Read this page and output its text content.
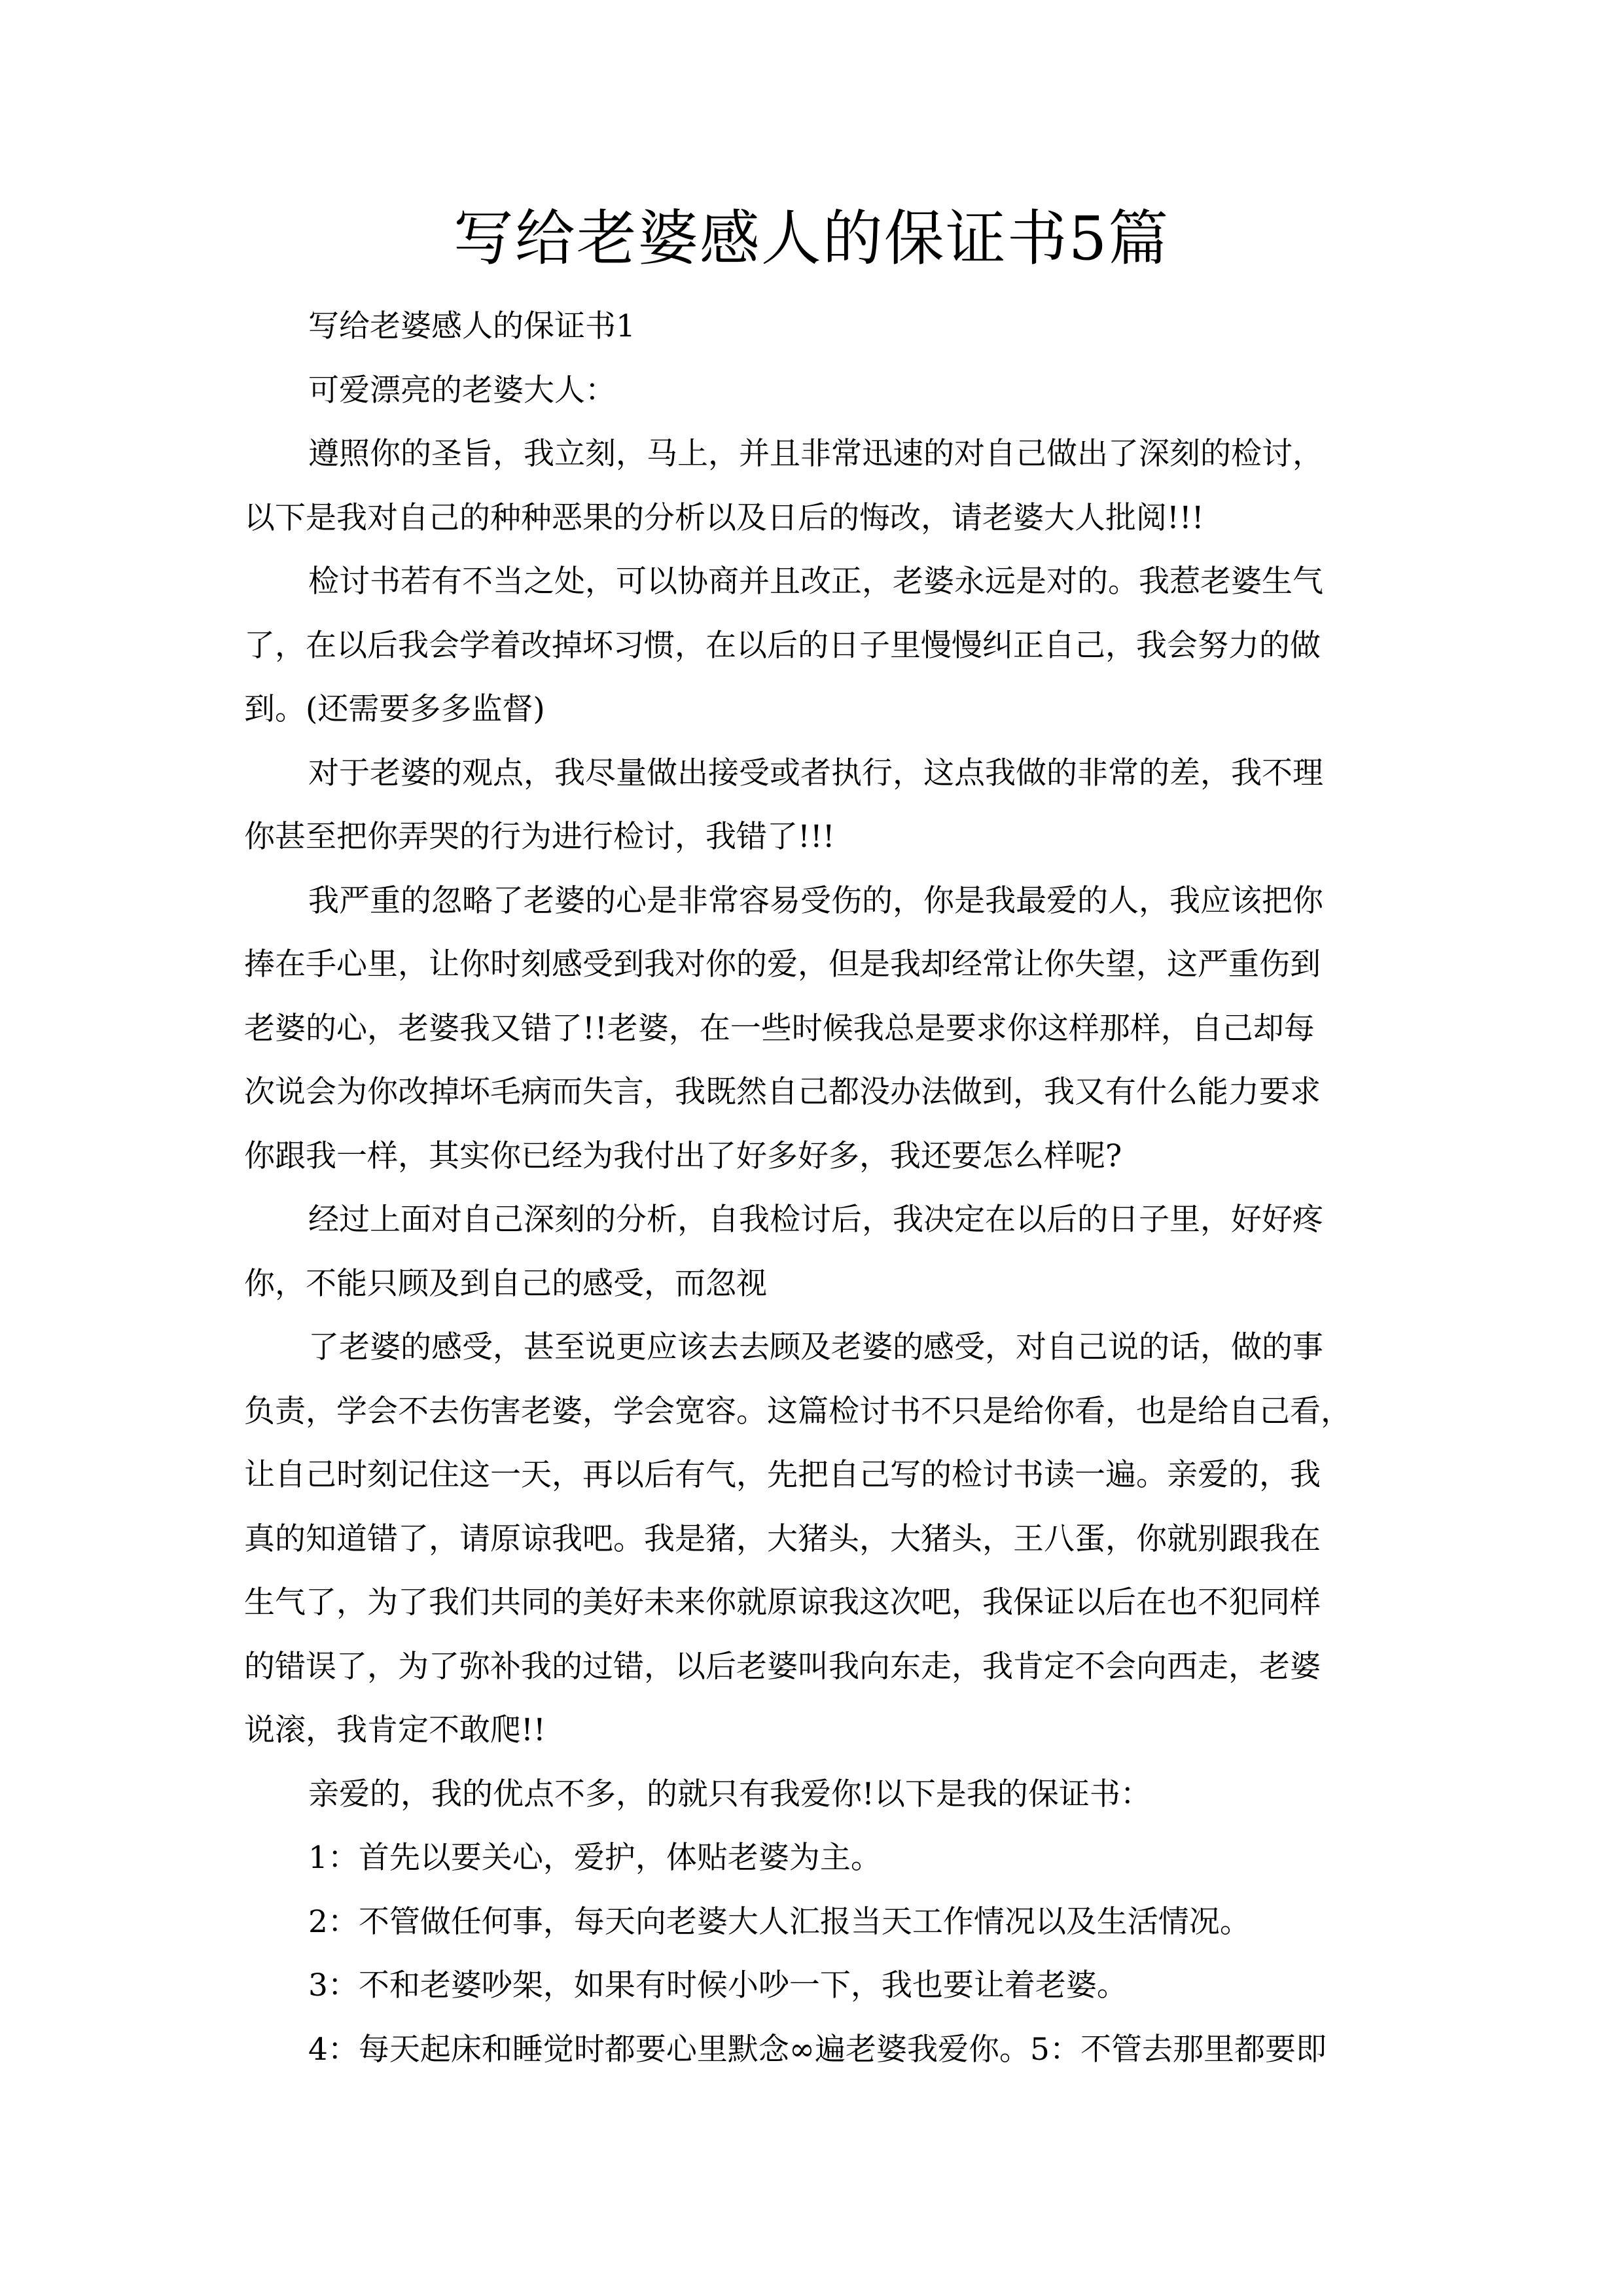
写给老婆感人的保证书5篇
写给老婆感人的保证书1
可爱漂亮的老婆大人：
遵照你的圣旨，我立刻，马上，并且非常迅速的对自己做出了深刻的检讨，
以下是我对自己的种种恶果的分析以及日后的悔改，请老婆大人批阅!!!
检讨书若有不当之处，可以协商并且改正，老婆永远是对的。我惹老婆生气
了，在以后我会学着改掉坏习惯，在以后的日子里慢慢纠正自己，我会努力的做
到。(还需要多多监督)
对于老婆的观点，我尽量做出接受或者执行，这点我做的非常的差，我不理
你甚至把你弄哭的行为进行检讨，我错了!!!
我严重的忽略了老婆的心是非常容易受伤的，你是我最爱的人，我应该把你
捧在手心里，让你时刻感受到我对你的爱，但是我却经常让你失望，这严重伤到
老婆的心，老婆我又错了!!老婆，在一些时候我总是要求你这样那样，自己却每
次说会为你改掉坏毛病而失言，我既然自己都没办法做到，我又有什么能力要求
你跟我一样，其实你已经为我付出了好多好多，我还要怎么样呢?
经过上面对自己深刻的分析，自我检讨后，我决定在以后的日子里，好好疼
你，不能只顾及到自己的感受，而忽视
了老婆的感受，甚至说更应该去去顾及老婆的感受，对自己说的话，做的事
负责，学会不去伤害老婆，学会宽容。这篇检讨书不只是给你看，也是给自己看，
让自己时刻记住这一天，再以后有气，先把自己写的检讨书读一遍。亲爱的，我
真的知道错了，请原谅我吧。我是猪，大猪头，大猪头，王八蛋，你就别跟我在
生气了，为了我们共同的美好未来你就原谅我这次吧，我保证以后在也不犯同样
的错误了，为了弥补我的过错，以后老婆叫我向东走，我肯定不会向西走，老婆
说滚，我肯定不敢爬!!
亲爱的，我的优点不多，的就只有我爱你!以下是我的保证书：
1：首先以要关心，爱护，体贴老婆为主。
2：不管做任何事，每天向老婆大人汇报当天工作情况以及生活情况。
3：不和老婆吵架，如果有时候小吵一下，我也要让着老婆。
4：每天起床和睡觉时都要心里默念∞遍老婆我爱你。5：不管去那里都要即
